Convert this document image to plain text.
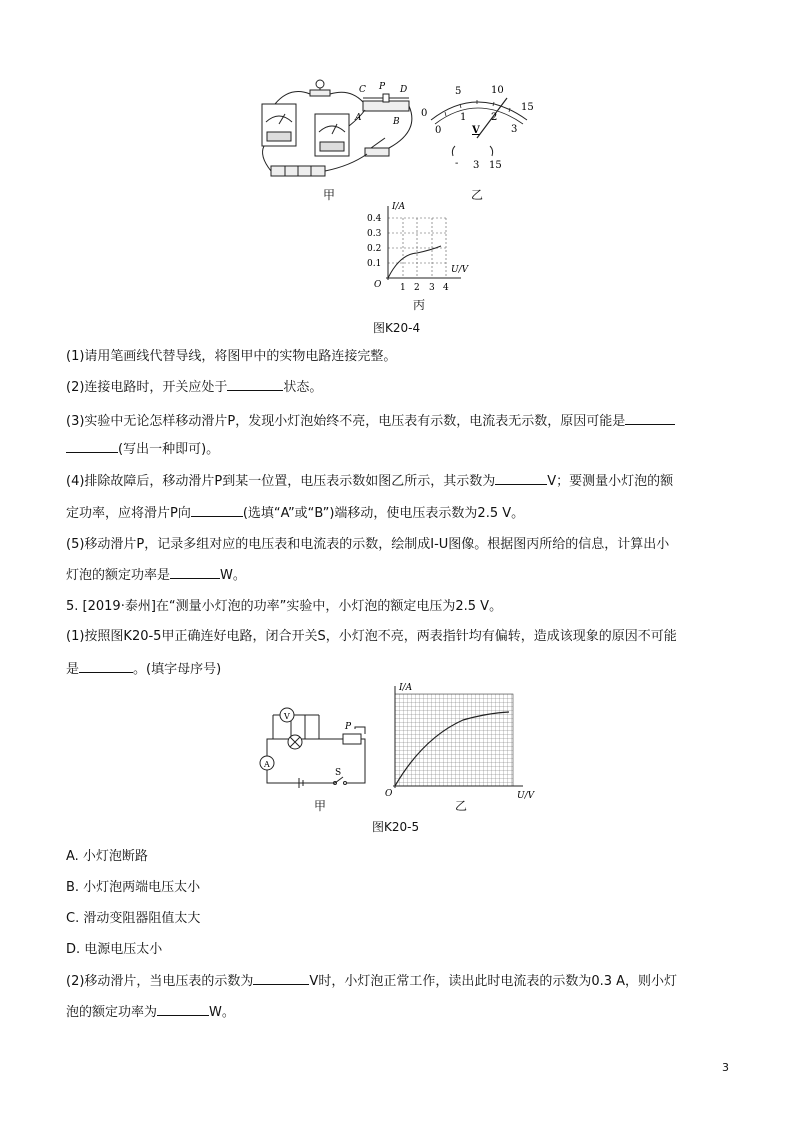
C P D
A	B
甲
0
5	10
15
0
1 2
3
V
- 3 15
乙
I/A
U/V
O
0.4
0.3
0.2
0.1
1 2 3 4
丙
图K20-4
(1)请用笔画线代替导线，将图甲中的实物电路连接完整。
(2)连接电路时，开关应处于	状态。
(3)实验中无论怎样移动滑片P，发现小灯泡始终不亮，电压表有示数，电流表无示数，原因可能是
(写出一种即可)。
(4)排除故障后，移动滑片P到某一位置，电压表示数如图乙所示，其示数为	V；要测量小灯泡的额
定功率，应将滑片P向	(选填“A”或“B”)端移动，使电压表示数为2.5 V。
(5)移动滑片P，记录多组对应的电压表和电流表的示数，绘制成I-U图像。根据图丙所给的信息，计算出小
灯泡的额定功率是	W。
5. [2019·泰州]在“测量小灯泡的功率”实验中，小灯泡的额定电压为2.5 V。
(1)按照图K20-5甲正确连好电路，闭合开关S，小灯泡不亮，两表指针均有偏转，造成该现象的原因不可能
是	。(填字母序号)
V
A
P
S
甲
I/A
U/V
O
乙
图K20-5
A. 小灯泡断路
B. 小灯泡两端电压太小
C. 滑动变阻器阻值太大
D. 电源电压太小
(2)移动滑片，当电压表的示数为	V时，小灯泡正常工作，读出此时电流表的示数为0.3 A，则小灯
泡的额定功率为	W。
3
